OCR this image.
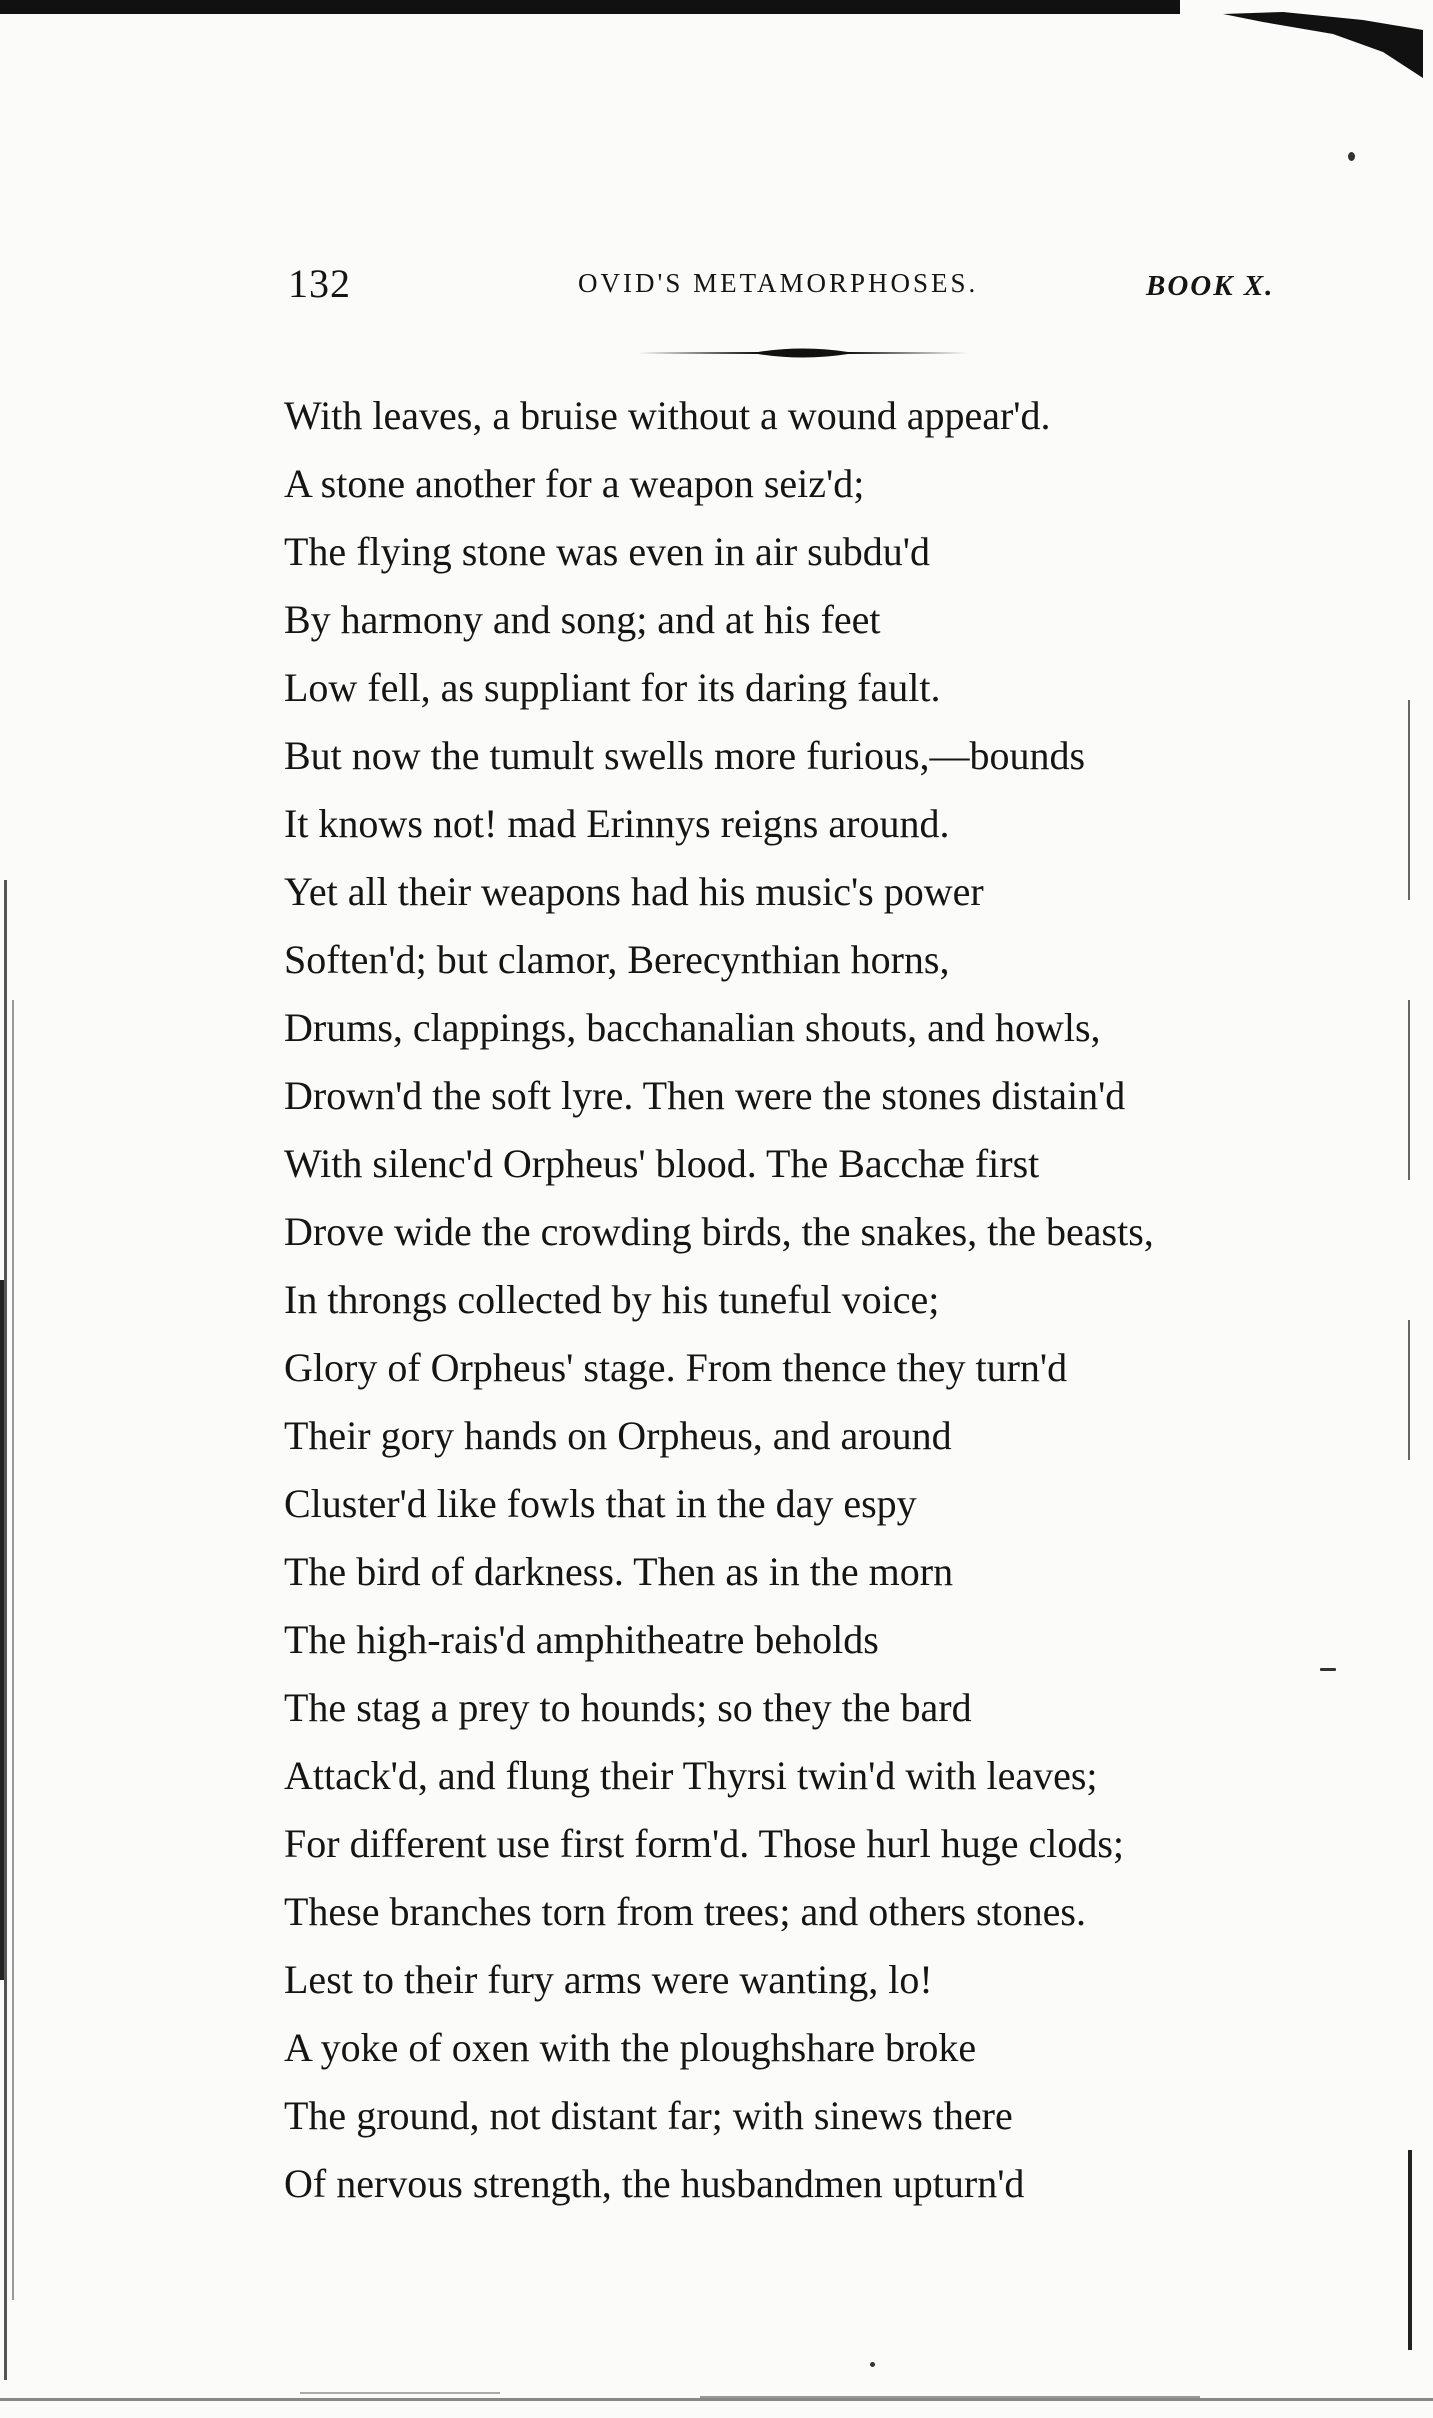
132	OVID'S METAMORPHOSES.	BOOK X.
With leaves, a bruise without a wound appear'd.
A stone another for a weapon seiz'd;
The flying stone was even in air subdu'd
By harmony and song; and at his feet
Low fell, as suppliant for its daring fault.
But now the tumult swells more furious,—bounds
It knows not! mad Erinnys reigns around.
Yet all their weapons had his music's power
Soften'd; but clamor, Berecynthian horns,
Drums, clappings, bacchanalian shouts, and howls,
Drown'd the soft lyre. Then were the stones distain'd
With silenc'd Orpheus' blood. The Bacchæ first
Drove wide the crowding birds, the snakes, the beasts,
In throngs collected by his tuneful voice;
Glory of Orpheus' stage. From thence they turn'd
Their gory hands on Orpheus, and around
Cluster'd like fowls that in the day espy
The bird of darkness. Then as in the morn
The high-rais'd amphitheatre beholds
The stag a prey to hounds; so they the bard
Attack'd, and flung their Thyrsi twin'd with leaves;
For different use first form'd. Those hurl huge clods;
These branches torn from trees; and others stones.
Lest to their fury arms were wanting, lo!
A yoke of oxen with the ploughshare broke
The ground, not distant far; with sinews there
Of nervous strength, the husbandmen upturn'd
